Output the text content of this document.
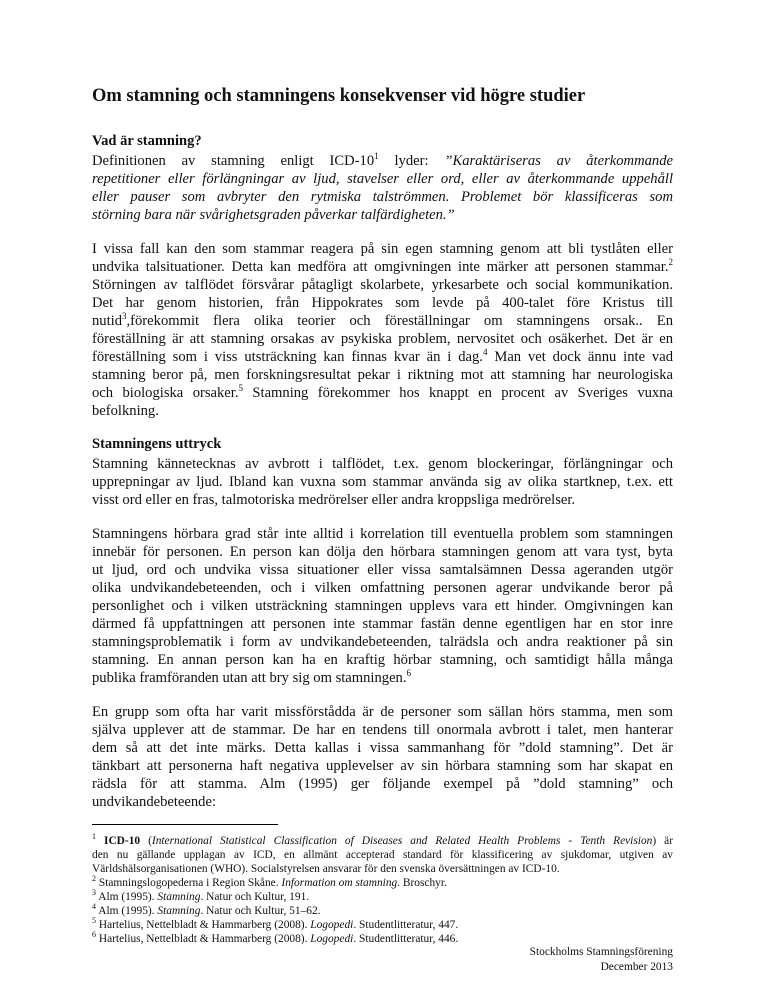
Om stamning och stamningens konsekvenser vid högre studier
Vad är stamning?
Definitionen av stamning enligt ICD-$10^1$ lyder: ”Karaktäriseras av återkommande
repetitioner eller förlängningar av ljud, stavelser eller ord, eller av återkommande uppehåll
eller pauser som avbryter den rytmiska talströmmen. Problemet bör klassificeras som
störning bara när svårighetsgraden påverkar talfärdigheten.”
I vissa fall kan den som stammar reagera på sin egen stamning genom att bli tystlåten eller
undvika talsituationer. Detta kan medföra att omgivningen inte märker att personen stammar.$^2$
Störningen av talflödet försvårar påtagligt skolarbete, yrkesarbete och social kommunikation.
Det har genom historien, från Hippokrates som levde på 400-talet före Kristus till
nutid$^3$,förekommit flera olika teorier och föreställningar om stamningens orsak.. En
föreställning är att stamning orsakas av psykiska problem, nervositet och osäkerhet. Det är en
föreställning som i viss utsträckning kan finnas kvar än i dag.$^4$ Man vet dock ännu inte vad
stamning beror på, men forskningsresultat pekar i riktning mot att stamning har neurologiska
och biologiska orsaker.$^5$ Stamning förekommer hos knappt en procent av Sveriges vuxna
befolkning.
Stamningens uttryck
Stamning kännetecknas av avbrott i talflödet, t.ex. genom blockeringar, förlängningar och
upprepningar av ljud. Ibland kan vuxna som stammar använda sig av olika startknep, t.ex. ett
visst ord eller en fras, talmotoriska medrörelser eller andra kroppsliga medrörelser.
Stamningens hörbara grad står inte alltid i korrelation till eventuella problem som stamningen
innebär för personen. En person kan dölja den hörbara stamningen genom att vara tyst, byta
ut ljud, ord och undvika vissa situationer eller vissa samtalsämnen Dessa ageranden utgör
olika undvikandebeteenden, och i vilken omfattning personen agerar undvikande beror på
personlighet och i vilken utsträckning stamningen upplevs vara ett hinder. Omgivningen kan
därmed få uppfattningen att personen inte stammar fastän denne egentligen har en stor inre
stamningsproblematik i form av undvikandebeteenden, talrädsla och andra reaktioner på sin
stamning. En annan person kan ha en kraftig hörbar stamning, och samtidigt hålla många
publika framföranden utan att bry sig om stamningen.$^6$
En grupp som ofta har varit missförstådda är de personer som sällan hörs stamma, men som
själva upplever att de stammar. De har en tendens till onormala avbrott i talet, men hanterar
dem så att det inte märks. Detta kallas i vissa sammanhang för ”dold stamning”. Det är
tänkbart att personerna haft negativa upplevelser av sin hörbara stamning som har skapat en
rädsla för att stamma. Alm (1995) ger följande exempel på ”dold stamning” och
undvikandebeteende:
$^1$ ICD-10 (International Statistical Classification of Diseases and Related Health Problems - Tenth Revision) är
den nu gällande upplagan av ICD, en allmänt accepterad standard för klassificering av sjukdomar, utgiven av
Världshälsorganisationen (WHO). Socialstyrelsen ansvarar för den svenska översättningen av ICD-10.
$^2$ Stamningslogopederna i Region Skåne. Information om stamning. Broschyr.
$^3$ Alm (1995). Stamning. Natur och Kultur, 191.
$^4$ Alm (1995). Stamning. Natur och Kultur, 51–62.
$^5$ Hartelius, Nettelbladt & Hammarberg (2008). Logopedi. Studentlitteratur, 447.
$^6$ Hartelius, Nettelbladt & Hammarberg (2008). Logopedi. Studentlitteratur, 446.
Stockholms Stamningsförening
December 2013
